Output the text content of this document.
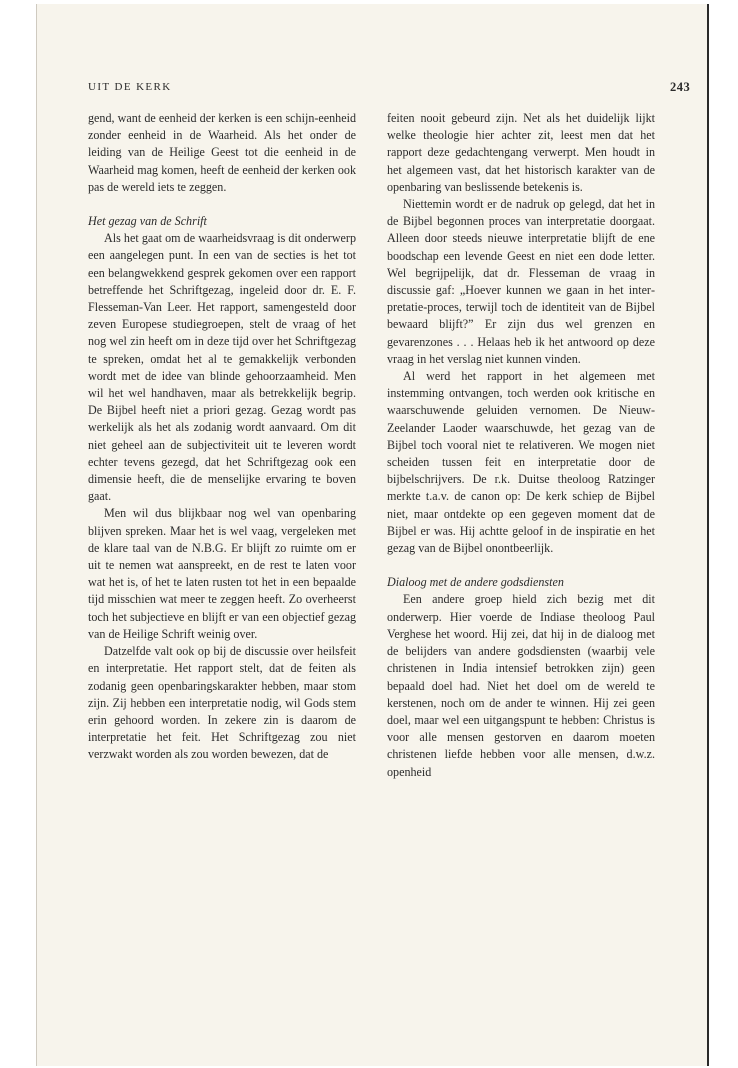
UIT DE KERK	243

gend, want de eenheid der kerken is een schijn-eenheid zonder eenheid in de Waarheid. Als het onder de leiding van de Heilige Geest tot die eenheid in de Waarheid mag komen, heeft de eenheid der kerken ook pas de wereld iets te zeggen.

Het gezag van de Schrift

Als het gaat om de waarheidsvraag is dit onderwerp een aangelegen punt. In een van de secties is het tot een belangwekkend gesprek gekomen over een rapport betreffende het Schriftgezag, ingeleid door dr. E. F. Flesseman-Van Leer. Het rapport, samengesteld door zeven Europese studiegroepen, stelt de vraag of het nog wel zin heeft om in deze tijd over het Schriftgezag te spreken, omdat het al te gemakkelijk verbonden wordt met de idee van blinde gehoorzaamheid. Men wil het wel handhaven, maar als betrekkelijk begrip. De Bijbel heeft niet a priori gezag. Gezag wordt pas werkelijk als het als zodanig wordt aanvaard. Om dit niet geheel aan de subjectiviteit uit te leveren wordt echter tevens gezegd, dat het Schriftgezag ook een dimensie heeft, die de menselijke ervaring te boven gaat.

Men wil dus blijkbaar nog wel van openbaring blijven spreken. Maar het is wel vaag, vergeleken met de klare taal van de N.B.G. Er blijft zo ruimte om er uit te nemen wat aanspreekt, en de rest te laten voor wat het is, of het te laten rusten tot het in een bepaalde tijd misschien wat meer te zeggen heeft. Zo overheerst toch het subjectieve en blijft er van een objectief gezag van de Heilige Schrift weinig over.

Datzelfde valt ook op bij de discussie over heilsfeit en interpretatie. Het rapport stelt, dat de feiten als zodanig geen openbaringskarakter hebben, maar stom zijn. Zij hebben een interpretatie nodig, wil Gods stem erin gehoord worden. In zekere zin is daarom de interpretatie het feit. Het Schriftgezag zou niet verzwakt worden als zou worden bewezen, dat de

feiten nooit gebeurd zijn. Net als het duidelijk lijkt welke theologie hier achter zit, leest men dat het rapport deze gedachtengang verwerpt. Men houdt in het algemeen vast, dat het historisch karakter van de openbaring van beslissende betekenis is.

Niettemin wordt er de nadruk op gelegd, dat het in de Bijbel begonnen proces van interpretatie doorgaat. Alleen door steeds nieuwe interpretatie blijft de ene boodschap een levende Geest en niet een dode letter. Wel begrijpelijk, dat dr. Flesseman de vraag in discussie gaf: „Hoever kunnen we gaan in het interpretatie-proces, terwijl toch de identiteit van de Bijbel bewaard blijft?” Er zijn dus wel grenzen en gevarenzones . . . Helaas heb ik het antwoord op deze vraag in het verslag niet kunnen vinden.

Al werd het rapport in het algemeen met instemming ontvangen, toch werden ook kritische en waarschuwende geluiden vernomen. De Nieuw-Zeelander Laoder waarschuwde, het gezag van de Bijbel toch vooral niet te relativeren. We mogen niet scheiden tussen feit en interpretatie door de bijbelschrijvers. De r.k. Duitse theoloog Ratzinger merkte t.a.v. de canon op: De kerk schiep de Bijbel niet, maar ontdekte op een gegeven moment dat de Bijbel er was. Hij achtte geloof in de inspiratie en het gezag van de Bijbel onontbeerlijk.

Dialoog met de andere godsdiensten

Een andere groep hield zich bezig met dit onderwerp. Hier voerde de Indiase theoloog Paul Verghese het woord. Hij zei, dat hij in de dialoog met de belijders van andere godsdiensten (waarbij vele christenen in India intensief betrokken zijn) geen bepaald doel had. Niet het doel om de wereld te kerstenen, noch om de ander te winnen. Hij zei geen doel, maar wel een uitgangspunt te hebben: Christus is voor alle mensen gestorven en daarom moeten christenen liefde hebben voor alle mensen, d.w.z. openheid
